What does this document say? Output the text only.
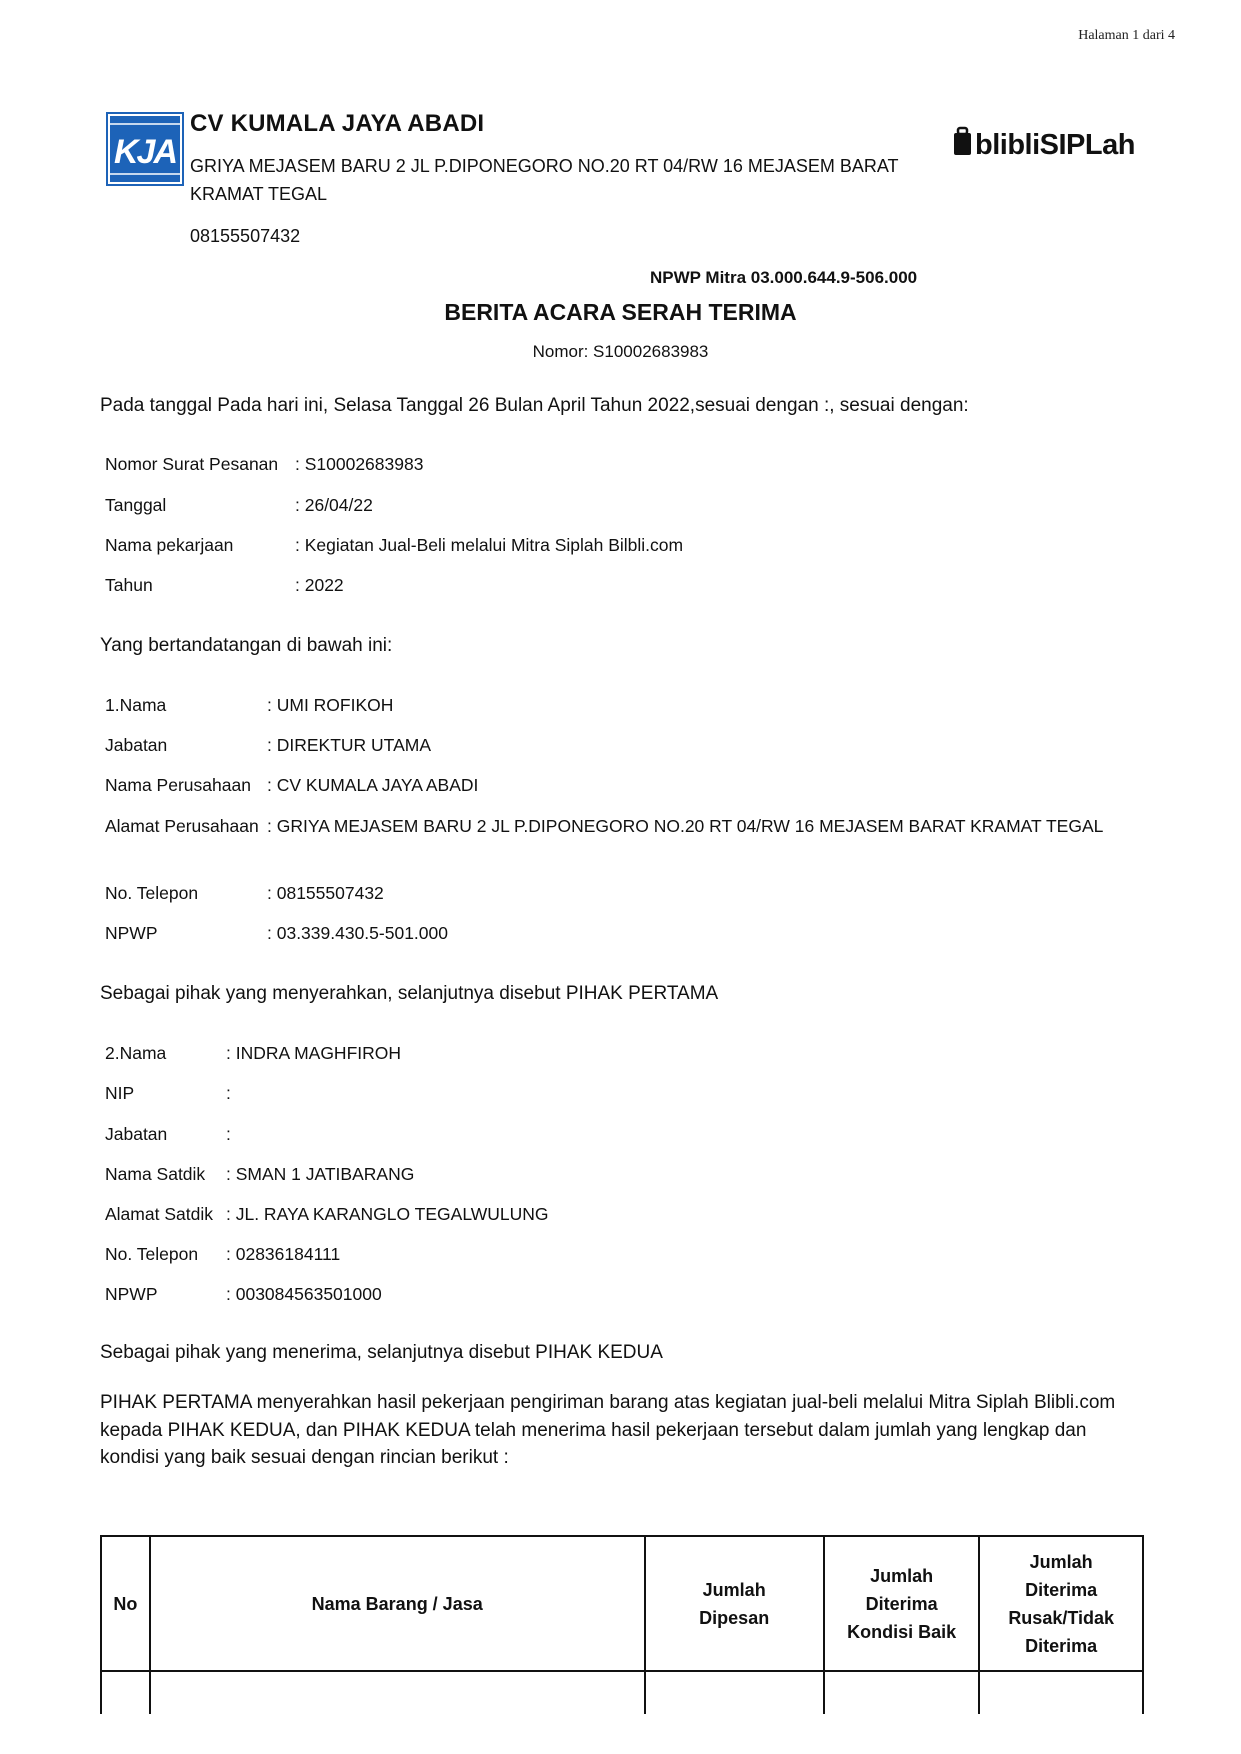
Halaman 1 dari 4
KJA
CV KUMALA JAYA ABADI
GRIYA MEJASEM BARU 2 JL P.DIPONEGORO NO.20 RT 04/RW 16 MEJASEM BARAT KRAMAT TEGAL
08155507432
blibliSIPLah
NPWP Mitra 03.000.644.9-506.000
BERITA ACARA SERAH TERIMA
Nomor: S10002683983
Pada tanggal Pada hari ini, Selasa Tanggal 26 Bulan April Tahun 2022,sesuai dengan :, sesuai dengan:
Nomor Surat Pesanan : S10002683983
Tanggal	: 26/04/22
Nama pekarjaan	: Kegiatan Jual-Beli melalui Mitra Siplah Bilbli.com
Tahun	: 2022
Yang bertandatangan di bawah ini:
1.Nama	: UMI ROFIKOH
Jabatan	: DIREKTUR UTAMA
Nama Perusahaan : CV KUMALA JAYA ABADI
Alamat Perusahaan : GRIYA MEJASEM BARU 2 JL P.DIPONEGORO NO.20 RT 04/RW 16 MEJASEM BARAT KRAMAT TEGAL
No. Telepon	: 08155507432
NPWP	: 03.339.430.5-501.000
Sebagai pihak yang menyerahkan, selanjutnya disebut PIHAK PERTAMA
2.Nama	: INDRA MAGHFIROH
NIP	:
Jabatan	:
Nama Satdik	: SMAN 1 JATIBARANG
Alamat Satdik : JL. RAYA KARANGLO TEGALWULUNG
No. Telepon	: 02836184111
NPWP	: 003084563501000
Sebagai pihak yang menerima, selanjutnya disebut PIHAK KEDUA
PIHAK PERTAMA menyerahkan hasil pekerjaan pengiriman barang atas kegiatan jual-beli melalui Mitra Siplah Blibli.com kepada PIHAK KEDUA, dan PIHAK KEDUA telah menerima hasil pekerjaan tersebut dalam jumlah yang lengkap dan kondisi yang baik sesuai dengan rincian berikut :
No	Nama Barang / Jasa	Jumlah Dipesan	Jumlah Diterima Kondisi Baik	Jumlah Diterima Rusak/Tidak Diterima
